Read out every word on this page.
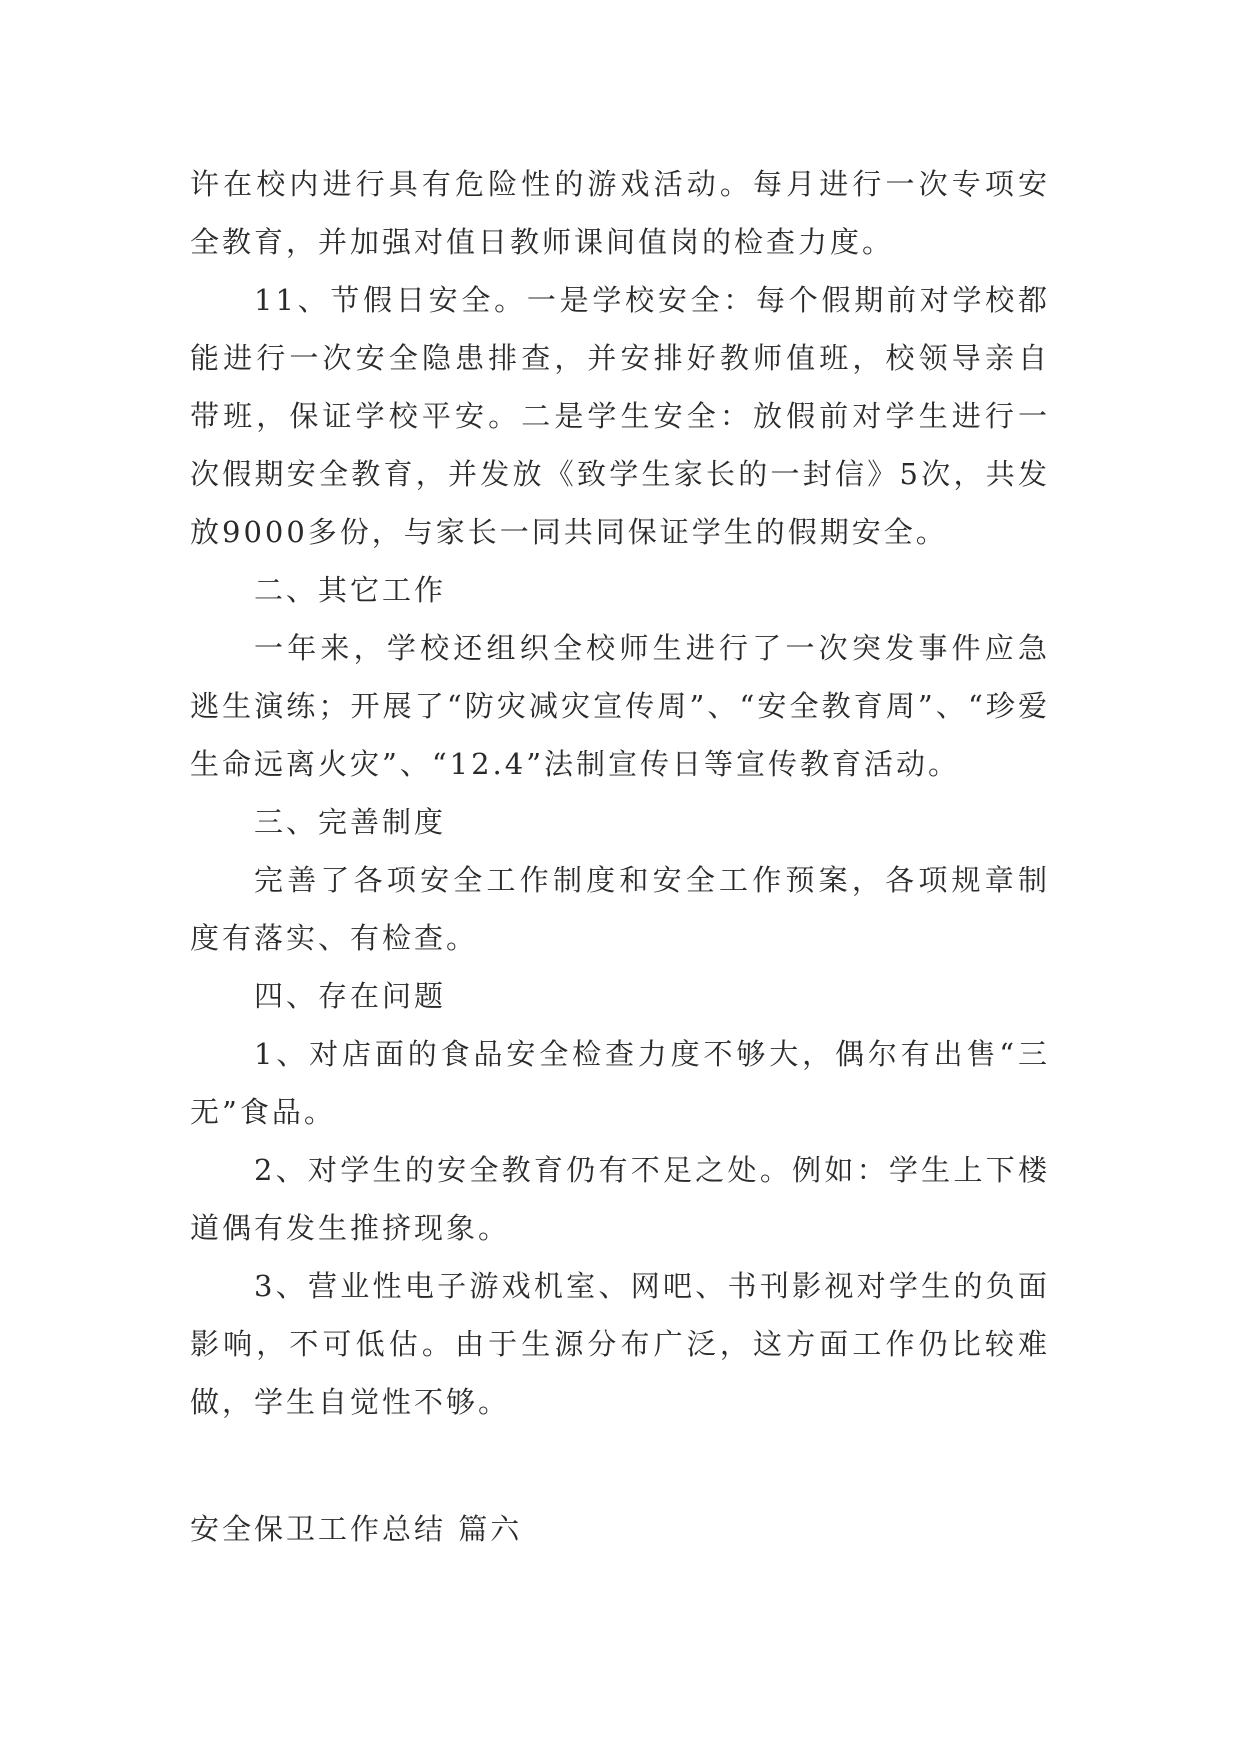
许在校内进行具有危险性的游戏活动。每月进行一次专项安全教育，并加强对值日教师课间值岗的检查力度。

11、节假日安全。一是学校安全：每个假期前对学校都能进行一次安全隐患排查，并安排好教师值班，校领导亲自带班，保证学校平安。二是学生安全：放假前对学生进行一次假期安全教育，并发放《致学生家长的一封信》5次，共发放9000多份，与家长一同共同保证学生的假期安全。

二、其它工作

一年来，学校还组织全校师生进行了一次突发事件应急逃生演练；开展了“防灾减灾宣传周”、“安全教育周”、“珍爱生命远离火灾”、“12.4”法制宣传日等宣传教育活动。

三、完善制度

完善了各项安全工作制度和安全工作预案，各项规章制度有落实、有检查。

四、存在问题

1、对店面的食品安全检查力度不够大，偶尔有出售“三无”食品。

2、对学生的安全教育仍有不足之处。例如：学生上下楼道偶有发生推挤现象。

3、营业性电子游戏机室、网吧、书刊影视对学生的负面影响，不可低估。由于生源分布广泛，这方面工作仍比较难做，学生自觉性不够。

安全保卫工作总结 篇六
